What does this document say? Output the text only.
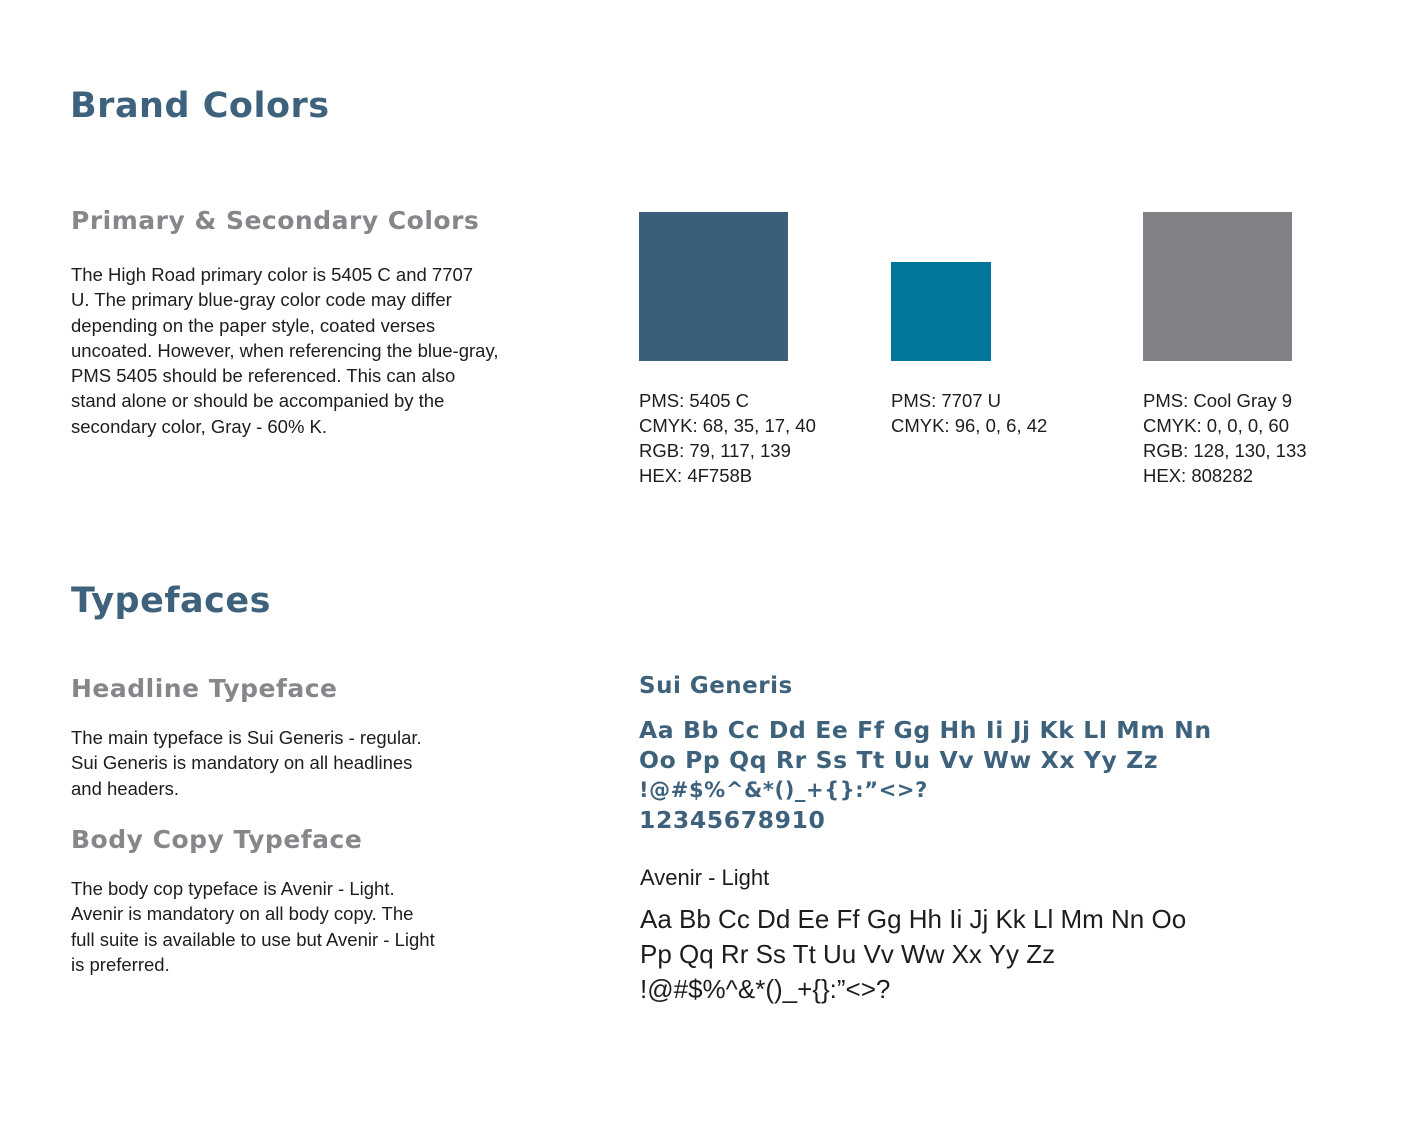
Brand Colors
Primary & Secondary Colors
The High Road primary color is 5405 C and 7707
U. The primary blue-gray color code may differ
depending on the paper style, coated verses
uncoated. However, when referencing the blue-gray,
PMS 5405 should be referenced. This can also
stand alone or should be accompanied by the
secondary color, Gray - 60% K.
PMS: 5405 C
CMYK: 68, 35, 17, 40
RGB: 79, 117, 139
HEX: 4F758B
PMS: 7707 U
CMYK: 96, 0, 6, 42
PMS: Cool Gray 9
CMYK: 0, 0, 0, 60
RGB: 128, 130, 133
HEX: 808282
Typefaces
Headline Typeface
The main typeface is Sui Generis - regular.
Sui Generis is mandatory on all headlines
and headers.
Body Copy Typeface
The body cop typeface is Avenir - Light.
Avenir is mandatory on all body copy. The
full suite is available to use but Avenir - Light
is preferred.
Sui Generis
Aa Bb Cc Dd Ee Ff Gg Hh Ii Jj Kk Ll Mm Nn
Oo Pp Qq Rr Ss Tt Uu Vv Ww Xx Yy Zz
!@#$%^&*()_+{}:”<>?
12345678910
Avenir - Light
Aa Bb Cc Dd Ee Ff Gg Hh Ii Jj Kk Ll Mm Nn Oo
Pp Qq Rr Ss Tt Uu Vv Ww Xx Yy Zz
!@#$%^&*()_+{}:”<>?
